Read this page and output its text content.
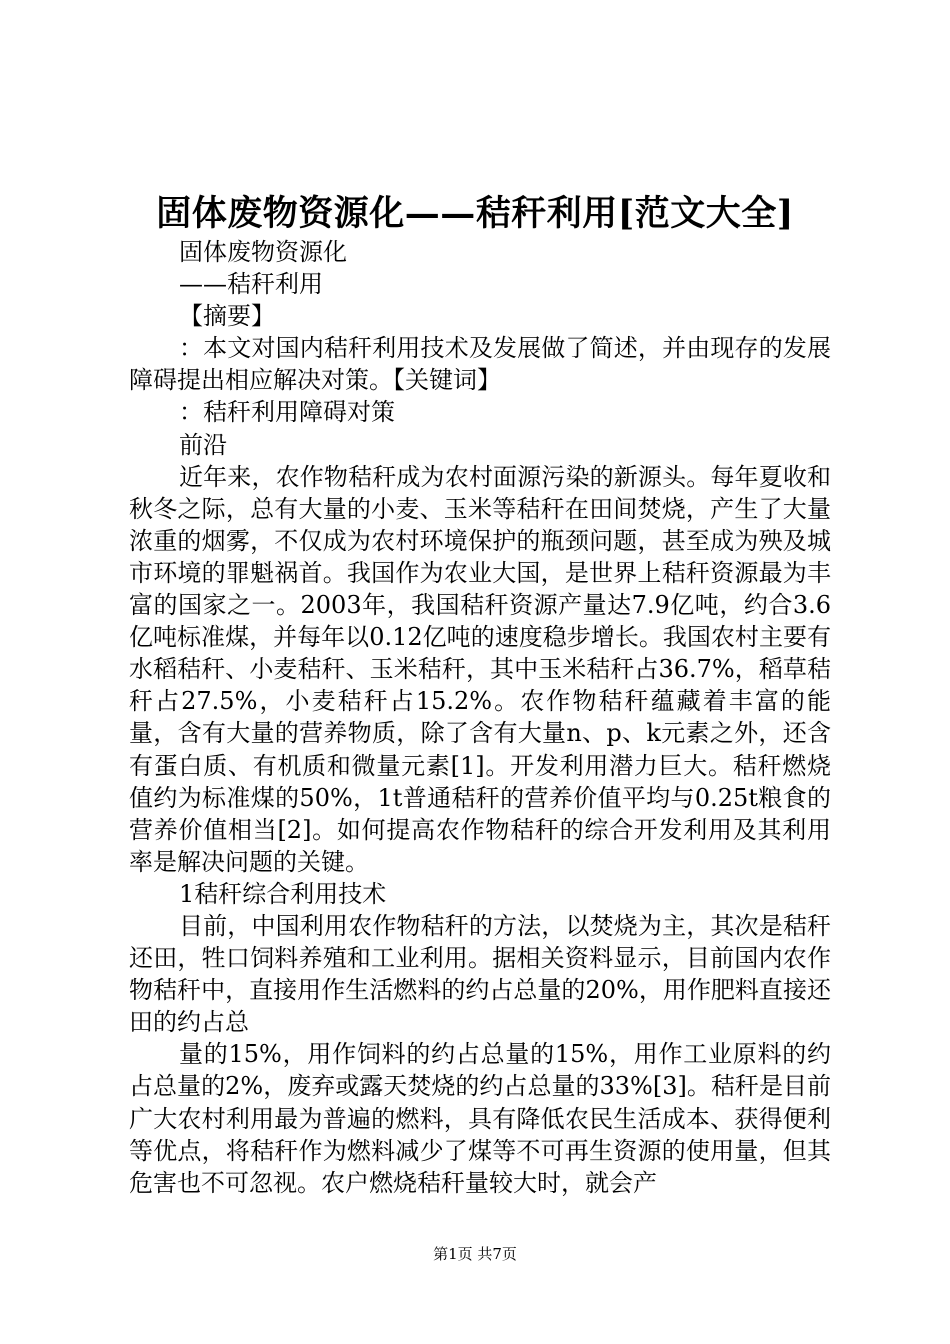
固体废物资源化——秸秆利用[范文大全]

固体废物资源化

——秸秆利用

【摘要】

：本文对国内秸秆利用技术及发展做了简述，并由现存的发展障碍提出相应解决对策。【关键词】

：秸秆利用障碍对策

前沿

近年来，农作物秸秆成为农村面源污染的新源头。每年夏收和秋冬之际，总有大量的小麦、玉米等秸秆在田间焚烧，产生了大量浓重的烟雾，不仅成为农村环境保护的瓶颈问题，甚至成为殃及城市环境的罪魁祸首。我国作为农业大国，是世界上秸秆资源最为丰富的国家之一。2003年，我国秸秆资源产量达7.9亿吨，约合3.6亿吨标准煤，并每年以0.12亿吨的速度稳步增长。我国农村主要有水稻秸秆、小麦秸秆、玉米秸秆，其中玉米秸秆占36.7%，稻草秸秆占27.5%，小麦秸秆占15.2%。农作物秸秆蕴藏着丰富的能量，含有大量的营养物质，除了含有大量n、p、k元素之外，还含有蛋白质、有机质和微量元素[1]。开发利用潜力巨大。秸秆燃烧值约为标准煤的50%，1t普通秸秆的营养价值平均与0.25t粮食的营养价值相当[2]。如何提高农作物秸秆的综合开发利用及其利用率是解决问题的关键。

1秸秆综合利用技术

目前，中国利用农作物秸秆的方法，以焚烧为主，其次是秸秆还田，牲口饲料养殖和工业利用。据相关资料显示，目前国内农作物秸秆中，直接用作生活燃料的约占总量的20%，用作肥料直接还田的约占总

量的15%，用作饲料的约占总量的15%，用作工业原料的约占总量的2%，废弃或露天焚烧的约占总量的33%[3]。秸秆是目前广大农村利用最为普遍的燃料，具有降低农民生活成本、获得便利等优点，将秸秆作为燃料减少了煤等不可再生资源的使用量，但其危害也不可忽视。农户燃烧秸秆量较大时，就会产

第1页 共7页
